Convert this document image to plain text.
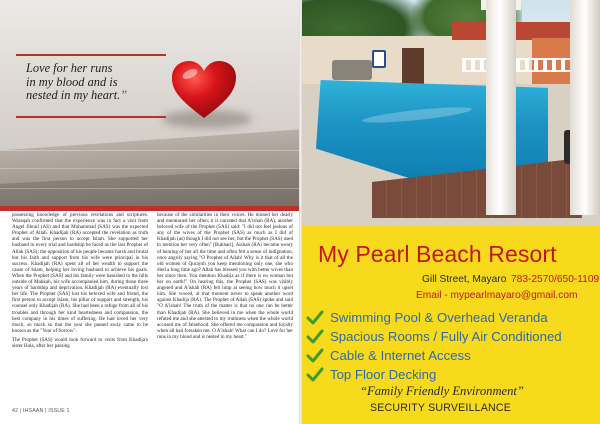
Love for her runs
in my blood and is
nested in my heart.”

possessing knowledge of previous revelations and scriptures. Waraqah confirmed that the experience was in fact a visit from Angel Jibrail (AS) and that Muhammad (SAS) was the expected Prophet of Allah. Khadijah (RA) accepted the revelation as truth and was the first person to accept Islam. She supported her husband in every trial and hardship he faced as the last Prophet of Allah (SAS); the opposition of his people became harsh and brutal but his faith and support from his wife were principal in his success. Khadijah (RA) spent all of her wealth to support the cause of Islam, helping her loving husband to achieve his goals. When the Prophet (SAS) and his family were banished to the hills outside of Makkah, his wife accompanied him, during those three years of hardship and deprivation, Khadijah (RA) eventually lost her life. The Prophet (SAS) lost his beloved wife and friend, the first person to accept Islam, his pillar of support and strength, his counsel only Khadijah (RA). She had been a refuge from all of his troubles and through her kind heartedness and compassion, the best company in his times of suffering. He had loved her very much, so much so that the year she passed away came to be known as the "Year of Sorrow".

The Prophet (SAS) would look forward to visits from Khadija's sister Hala, after her passing

because of the similarities in their voices. He missed her dearly and mentioned her often; it is narrated that A'ishah (RA), another beloved wife of the Prophet (SAS) said: "I did not feel jealous of any of the wives of the Prophet (SAS) as much as I did of Khadijah (as) though I did not see her, but the Prophet (SAS) used to mention her very often" [Bukhari]. Aishah (RA) became weary of hearing of her all the time and often felt a sense of indignation, once angrily saying "O Prophet of Allah! Why is it that of all the old women of Quraysh you keep mentioning only one, she who died a long time ago? Allah has blessed you with better wives than her since then. You mention Khadija as if there is no woman but her on earth!" On hearing this, the Prophet (SAS) was visibly angered and A'ishah (RA) felt limp at seeing how much it upset him. She vowed, at that moment never to speak another word against Khadija (RA). The Prophet of Allah (SAS) spoke and said "O A'ishah! The truth of the matter is that no one can be better than Khadijah (RA). She believed in me when the whole world refuted me and she attested to my truthness when the whole world accused me of falsehood. She offered me compassion and loyalty when all had forsaken me. O A'ishah! What can I do? Love for her runs in my blood and is nested in my heart."

42 | IHSAAN | ISSUE 1
My Pearl Beach Resort
Gill Street, Mayaro 783-2570/650-1109
Email - mypearlmayaro@gmail.com
Swimming Pool & Overhead Veranda
Spacious Rooms / Fully Air Conditioned
Cable & Internet Access
Top Floor Decking
“Family Friendly Environment”
SECURITY SURVEILLANCE
